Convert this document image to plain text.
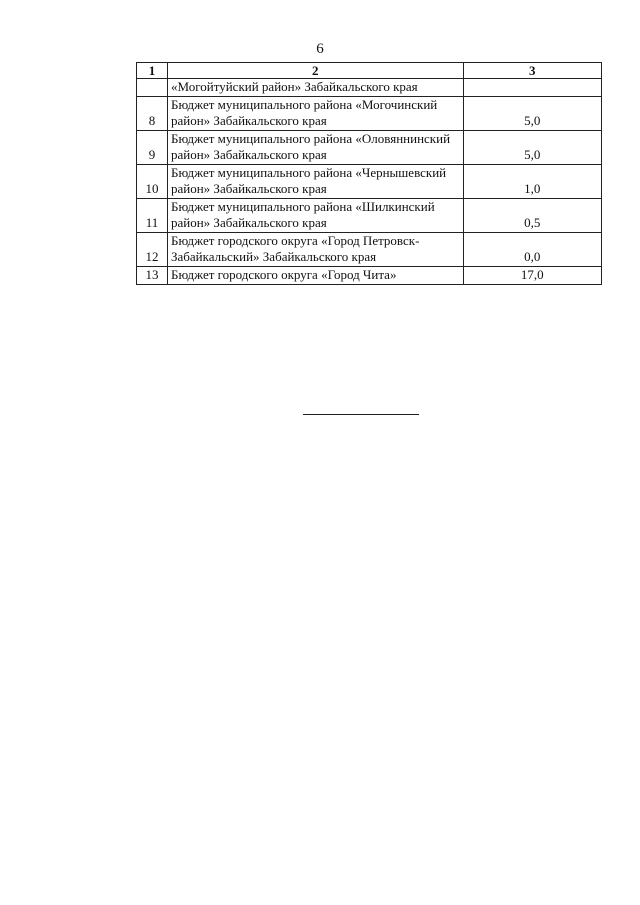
6
1	2	3
	«Могойтуйский район» Забайкальского края	
8	Бюджет муниципального района «Могочинский район» Забайкальского края	5,0
9	Бюджет муниципального района «Оловяннинский район» Забайкальского края	5,0
10	Бюджет муниципального района «Чернышевский район» Забайкальского края	1,0
11	Бюджет муниципального района «Шилкинский район» Забайкальского края	0,5
12	Бюджет городского округа «Город Петровск-Забайкальский» Забайкальского края	0,0
13	Бюджет городского округа «Город Чита»	17,0
